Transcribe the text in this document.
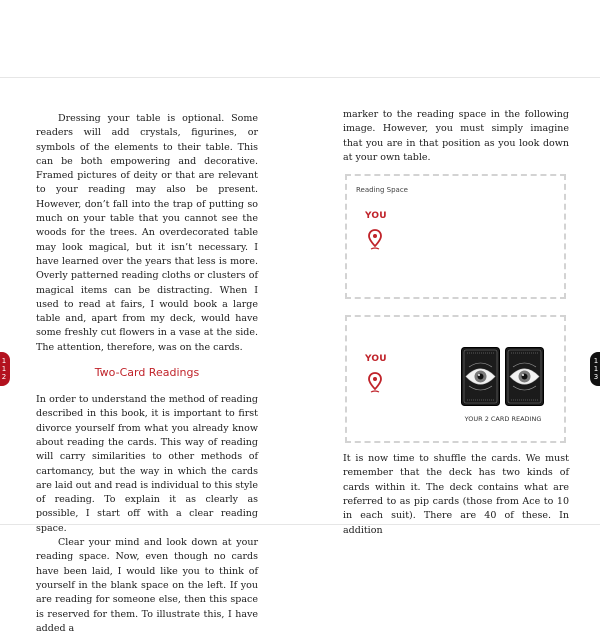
1
1
2
1
1
3

Dressing your table is optional. Some readers will add crystals, figurines, or symbols of the elements to their table. This can be both empowering and decorative. Framed pictures of deity or that are relevant to your reading may also be present. However, don’t fall into the trap of putting so much on your table that you cannot see the woods for the trees. An overdecorated table may look magical, but it isn’t necessary. I have learned over the years that less is more. Overly patterned reading cloths or clusters of magical items can be distracting. When I used to read at fairs, I would book a large table and, apart from my deck, would have some freshly cut flowers in a vase at the side. The attention, therefore, was on the cards.

Two-Card Readings

In order to understand the method of reading described in this book, it is important to first divorce yourself from what you already know about reading the cards. This way of reading will carry similarities to other methods of cartomancy, but the way in which the cards are laid out and read is individual to this style of reading. To explain it as clearly as possible, I start off with a clear reading space.

Clear your mind and look down at your reading space. Now, even though no cards have been laid, I would like you to think of yourself in the blank space on the left. If you are reading for someone else, then this space is reserved for them. To illustrate this, I have added a

marker to the reading space in the following image. However, you must simply imagine that you are in that position as you look down at your own table.

Reading Space
YOU
YOU
YOUR 2 CARD READING

It is now time to shuffle the cards. We must remember that the deck has two kinds of cards within it. The deck contains what are referred to as pip cards (those from Ace to 10 in each suit). There are 40 of these. In addition
